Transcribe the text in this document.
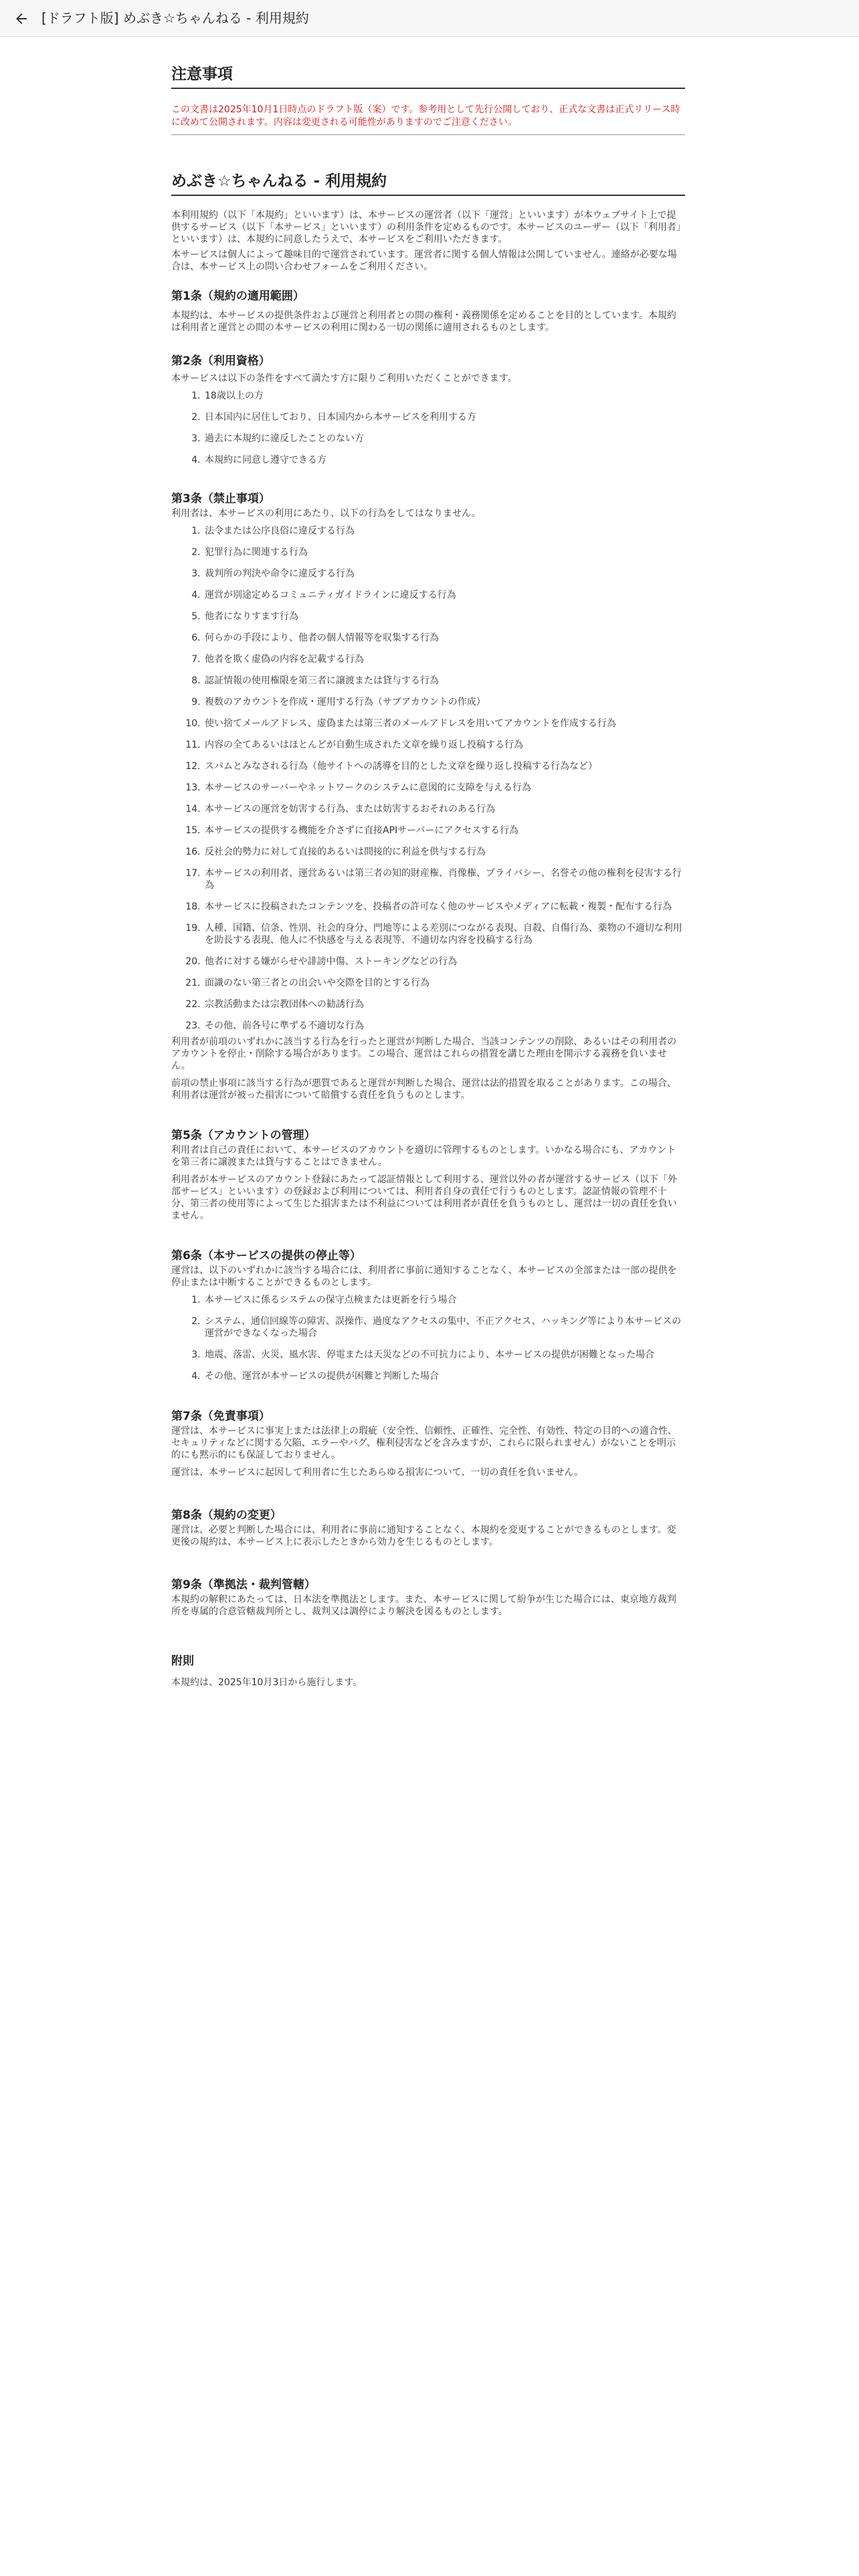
[ドラフト版] めぶき☆ちゃんねる - 利用規約
注意事項

この文書は2025年10月1日時点のドラフト版（案）です。参考用として先行公開しており、正式な文書は正式リリース時に改めて公開されます。内容は変更される可能性がありますのでご注意ください。

めぶき☆ちゃんねる - 利用規約

本利用規約（以下「本規約」といいます）は、本サービスの運営者（以下「運営」といいます）が本ウェブサイト上で提供するサービス（以下「本サービス」といいます）の利用条件を定めるものです。本サービスのユーザー（以下「利用者」といいます）は、本規約に同意したうえで、本サービスをご利用いただきます。

本サービスは個人によって趣味目的で運営されています。運営者に関する個人情報は公開していません。連絡が必要な場合は、本サービス上の問い合わせフォームをご利用ください。

第1条（規約の適用範囲）

本規約は、本サービスの提供条件および運営と利用者との間の権利・義務関係を定めることを目的としています。本規約は利用者と運営との間の本サービスの利用に関わる一切の関係に適用されるものとします。

第2条（利用資格）

本サービスは以下の条件をすべて満たす方に限りご利用いただくことができます。

1. 18歳以上の方
2. 日本国内に居住しており、日本国内から本サービスを利用する方
3. 過去に本規約に違反したことのない方
4. 本規約に同意し遵守できる方
第3条（禁止事項）

利用者は、本サービスの利用にあたり、以下の行為をしてはなりません。

1. 法令または公序良俗に違反する行為
2. 犯罪行為に関連する行為
3. 裁判所の判決や命令に違反する行為
4. 運営が別途定めるコミュニティガイドラインに違反する行為
5. 他者になりすます行為
6. 何らかの手段により、他者の個人情報等を収集する行為
7. 他者を欺く虚偽の内容を記載する行為
8. 認証情報の使用権限を第三者に譲渡または貸与する行為
9. 複数のアカウントを作成・運用する行為（サブアカウントの作成）
10. 使い捨てメールアドレス、虚偽または第三者のメールアドレスを用いてアカウントを作成する行為
11. 内容の全てあるいはほとんどが自動生成された文章を繰り返し投稿する行為
12. スパムとみなされる行為（他サイトへの誘導を目的とした文章を繰り返し投稿する行為など）
13. 本サービスのサーバーやネットワークのシステムに意図的に支障を与える行為
14. 本サービスの運営を妨害する行為、または妨害するおそれのある行為
15. 本サービスの提供する機能を介さずに直接APIサーバーにアクセスする行為
16. 反社会的勢力に対して直接的あるいは間接的に利益を供与する行為
17. 本サービスの利用者、運営あるいは第三者の知的財産権、肖像権、プライバシー、名誉その他の権利を侵害する行為
18. 本サービスに投稿されたコンテンツを、投稿者の許可なく他のサービスやメディアに転載・複製・配布する行為
19. 人種、国籍、信条、性別、社会的身分、門地等による差別につながる表現、自殺、自傷行為、薬物の不適切な利用を助長する表現、他人に不快感を与える表現等、不適切な内容を投稿する行為
20. 他者に対する嫌がらせや誹謗中傷、ストーキングなどの行為
21. 面識のない第三者との出会いや交際を目的とする行為
22. 宗教活動または宗教団体への勧誘行為
23. その他、前各号に準ずる不適切な行為

利用者が前項のいずれかに該当する行為を行ったと運営が判断した場合、当該コンテンツの削除、あるいはその利用者のアカウントを停止・削除する場合があります。この場合、運営はこれらの措置を講じた理由を開示する義務を負いません。

前項の禁止事項に該当する行為が悪質であると運営が判断した場合、運営は法的措置を取ることがあります。この場合、利用者は運営が被った損害について賠償する責任を負うものとします。

第5条（アカウントの管理）

利用者は自己の責任において、本サービスのアカウントを適切に管理するものとします。いかなる場合にも、アカウントを第三者に譲渡または貸与することはできません。

利用者が本サービスのアカウント登録にあたって認証情報として利用する、運営以外の者が運営するサービス（以下「外部サービス」といいます）の登録および利用については、利用者自身の責任で行うものとします。認証情報の管理不十分、第三者の使用等によって生じた損害または不利益については利用者が責任を負うものとし、運営は一切の責任を負いません。

第6条（本サービスの提供の停止等）

運営は、以下のいずれかに該当する場合には、利用者に事前に通知することなく、本サービスの全部または一部の提供を停止または中断することができるものとします。

1. 本サービスに係るシステムの保守点検または更新を行う場合
2. システム、通信回線等の障害、誤操作、過度なアクセスの集中、不正アクセス、ハッキング等により本サービスの運営ができなくなった場合
3. 地震、落雷、火災、風水害、停電または天災などの不可抗力により、本サービスの提供が困難となった場合
4. その他、運営が本サービスの提供が困難と判断した場合
第7条（免責事項）

運営は、本サービスに事実上または法律上の瑕疵（安全性、信頼性、正確性、完全性、有効性、特定の目的への適合性、セキュリティなどに関する欠陥、エラーやバグ、権利侵害などを含みますが、これらに限られません）がないことを明示的にも黙示的にも保証しておりません。

運営は、本サービスに起因して利用者に生じたあらゆる損害について、一切の責任を負いません。

第8条（規約の変更）

運営は、必要と判断した場合には、利用者に事前に通知することなく、本規約を変更することができるものとします。変更後の規約は、本サービス上に表示したときから効力を生じるものとします。

第9条（準拠法・裁判管轄）

本規約の解釈にあたっては、日本法を準拠法とします。また、本サービスに関して紛争が生じた場合には、東京地方裁判所を専属的合意管轄裁判所とし、裁判又は調停により解決を図るものとします。

附則

本規約は、2025年10月3日から施行します。
